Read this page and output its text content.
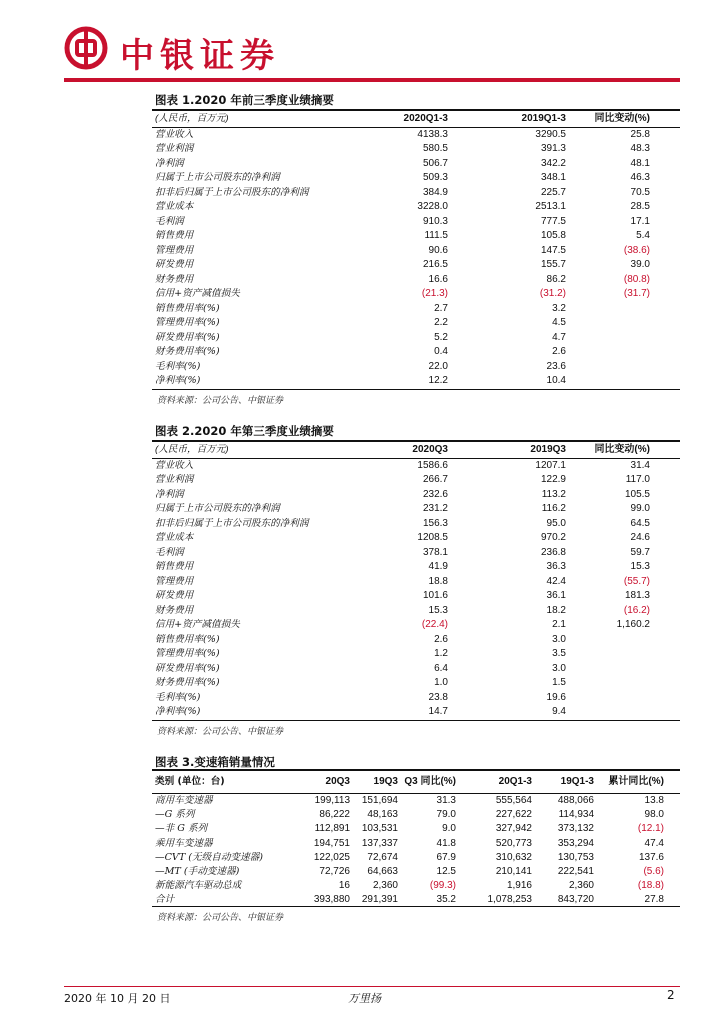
中银证券
图表 1.2020 年前三季度业绩摘要
(人民币，百万元)	2020Q1-3	2019Q1-3	同比变动(%)	
营业收入	4138.3	3290.5	25.8	
营业利润	580.5	391.3	48.3	
净利润	506.7	342.2	48.1	
归属于上市公司股东的净利润	509.3	348.1	46.3	
扣非后归属于上市公司股东的净利润	384.9	225.7	70.5	
营业成本	3228.0	2513.1	28.5	
毛利润	910.3	777.5	17.1	
销售费用	111.5	105.8	5.4	
管理费用	90.6	147.5	(38.6)	
研发费用	216.5	155.7	39.0	
财务费用	16.6	86.2	(80.8)	
信用+资产减值损失	(21.3)	(31.2)	(31.7)	
销售费用率(%)	2.7	3.2		
管理费用率(%)	2.2	4.5		
研发费用率(%)	5.2	4.7		
财务费用率(%)	0.4	2.6		
毛利率(%)	22.0	23.6		
净利率(%)	12.2	10.4		
资料来源：公司公告、中银证券
图表 2.2020 年第三季度业绩摘要
(人民币，百万元)	2020Q3	2019Q3	同比变动(%)	
营业收入	1586.6	1207.1	31.4	
营业利润	266.7	122.9	117.0	
净利润	232.6	113.2	105.5	
归属于上市公司股东的净利润	231.2	116.2	99.0	
扣非后归属于上市公司股东的净利润	156.3	95.0	64.5	
营业成本	1208.5	970.2	24.6	
毛利润	378.1	236.8	59.7	
销售费用	41.9	36.3	15.3	
管理费用	18.8	42.4	(55.7)	
研发费用	101.6	36.1	181.3	
财务费用	15.3	18.2	(16.2)	
信用+资产减值损失	(22.4)	2.1	1,160.2	
销售费用率(%)	2.6	3.0		
管理费用率(%)	1.2	3.5		
研发费用率(%)	6.4	3.0		
财务费用率(%)	1.0	1.5		
毛利率(%)	23.8	19.6		
净利率(%)	14.7	9.4		
资料来源：公司公告、中银证券
图表 3.变速箱销量情况
类别 (单位：台)	20Q3	19Q3	Q3 同比(%)	20Q1-3	19Q1-3	累计同比(%)	
商用车变速器	199,113	151,694	31.3	555,564	488,066	13.8	
—G 系列	86,222	48,163	79.0	227,622	114,934	98.0	
—非 G 系列	112,891	103,531	9.0	327,942	373,132	(12.1)	
乘用车变速器	194,751	137,337	41.8	520,773	353,294	47.4	
—CVT (无级自动变速器)	122,025	72,674	67.9	310,632	130,753	137.6	
—MT (手动变速器)	72,726	64,663	12.5	210,141	222,541	(5.6)	
新能源汽车驱动总成	16	2,360	(99.3)	1,916	2,360	(18.8)	
合计	393,880	291,391	35.2	1,078,253	843,720	27.8	
资料来源：公司公告、中银证券
2020 年 10 月 20 日	万里扬	2
